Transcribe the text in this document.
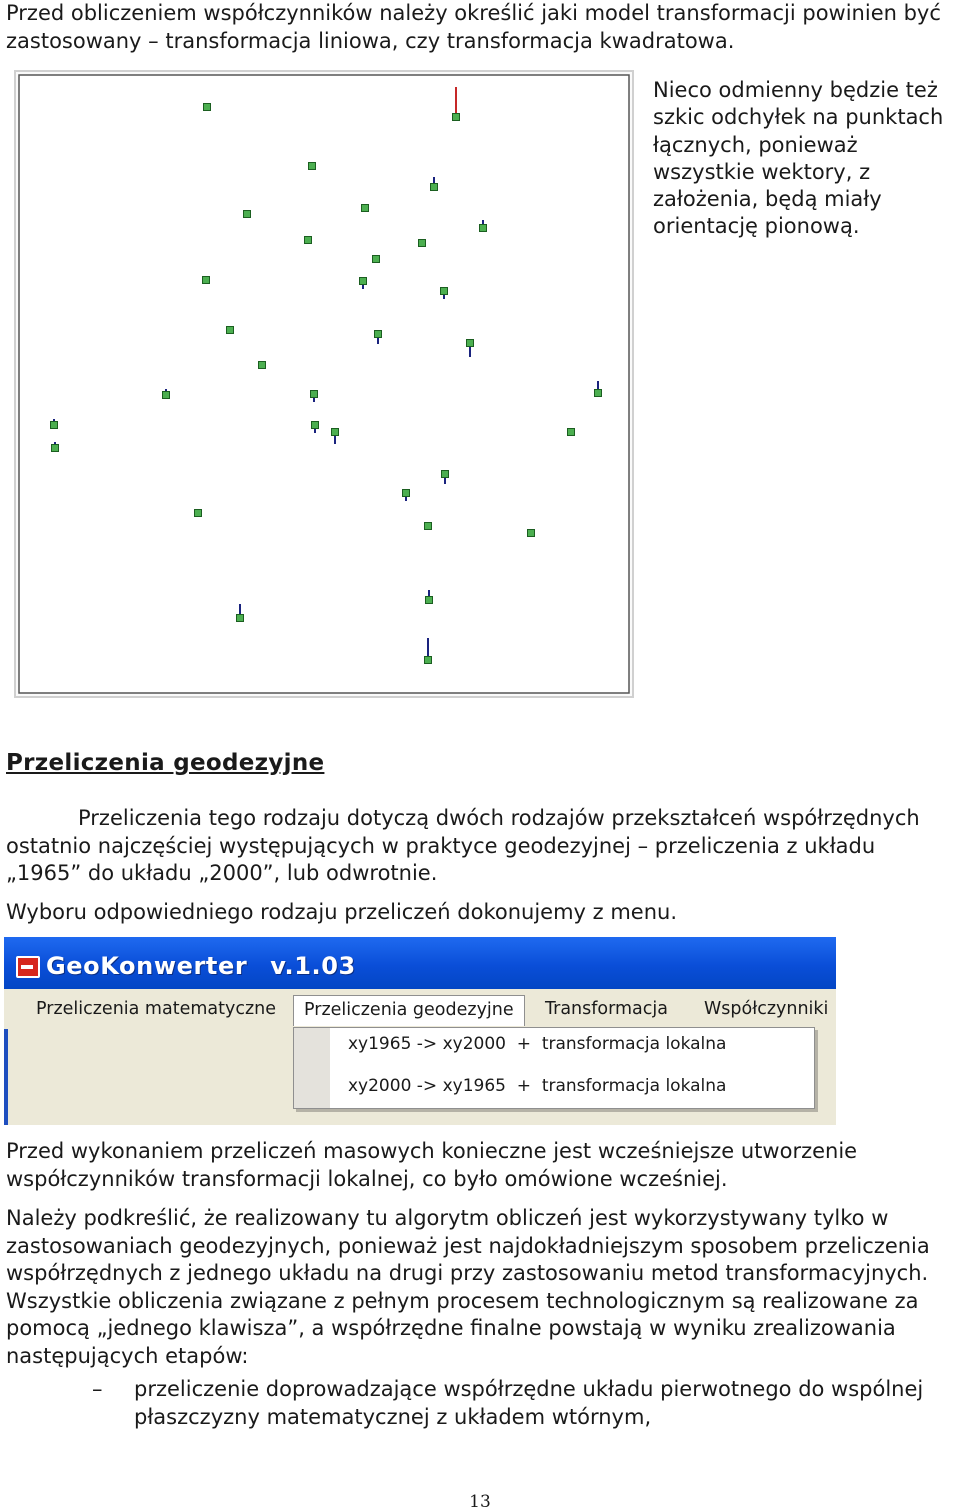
Przed obliczeniem współczynników należy określić jaki model transformacji powinien być zastosowany – transformacja liniowa, czy transformacja kwadratowa.

Nieco odmienny będzie też szkic odchyłek na punktach łącznych, ponieważ wszystkie wektory, z założenia, będą miały orientację pionową.
Przeliczenia geodezyjne

Przeliczenia tego rodzaju dotyczą dwóch rodzajów przekształceń współrzędnych ostatnio najczęściej występujących w praktyce geodezyjnej – przeliczenia z układu „1965” do układu „2000”, lub odwrotnie.

Wyboru odpowiedniego rodzaju przeliczeń dokonujemy z menu.

GeoKonwerter v.1.03
Przeliczenia matematyczne	Przeliczenia geodezyjne	Transformacja Współczynniki
xy1965 -> xy2000  +  transformacja lokalna
xy2000 -> xy1965  +  transformacja lokalna

Przed wykonaniem przeliczeń masowych konieczne jest wcześniejsze utworzenie współczynników transformacji lokalnej, co było omówione wcześniej.

Należy podkreślić, że realizowany tu algorytm obliczeń jest wykorzystywany tylko w zastosowaniach geodezyjnych, ponieważ jest najdokładniejszym sposobem przeliczenia współrzędnych z jednego układu na drugi przy zastosowaniu metod transformacyjnych. Wszystkie obliczenia związane z pełnym procesem technologicznym są realizowane za pomocą „jednego klawisza”, a współrzędne finalne powstają w wyniku zrealizowania następujących etapów:

– przeliczenie doprowadzające współrzędne układu pierwotnego do wspólnej płaszczyzny matematycznej z układem wtórnym,
13
